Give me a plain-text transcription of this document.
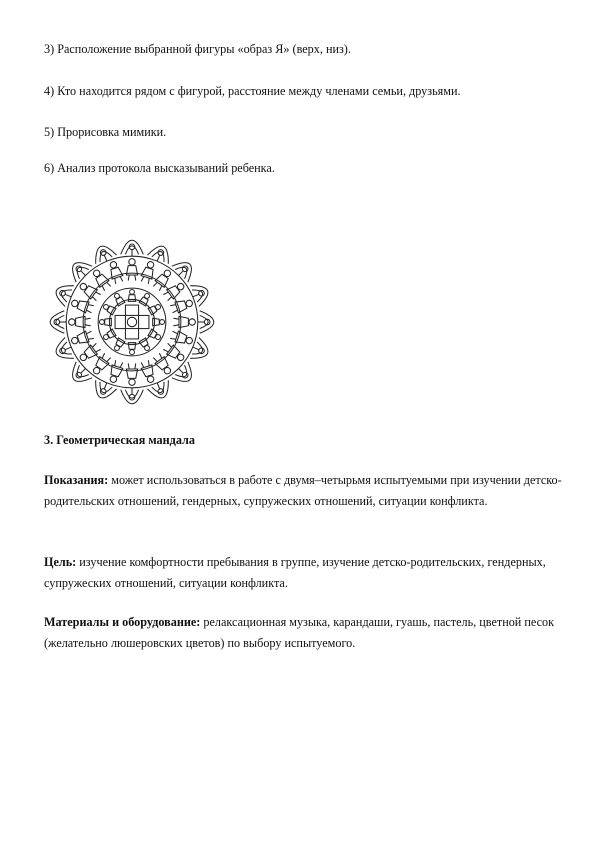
3) Расположение выбранной фигуры «образ Я» (верх, низ).
4) Кто находится рядом с фигурой, расстояние между членами семьи, друзьями.
5) Прорисовка мимики.
6) Анализ протокола высказываний ребенка.
3. Геометрическая мандала
Показания: может использоваться в работе с двумя–четырьмя испытуемыми при изучении детско-родительских отношений, гендерных, супружеских отношений, ситуации конфликта.
Цель: изучение комфортности пребывания в группе, изучение детско-родительских, гендерных, супружеских отношений, ситуации конфликта.
Материалы и оборудование: релаксационная музыка, карандаши, гуашь, пастель, цветной песок (желательно люшеровских цветов) по выбору испытуемого.
